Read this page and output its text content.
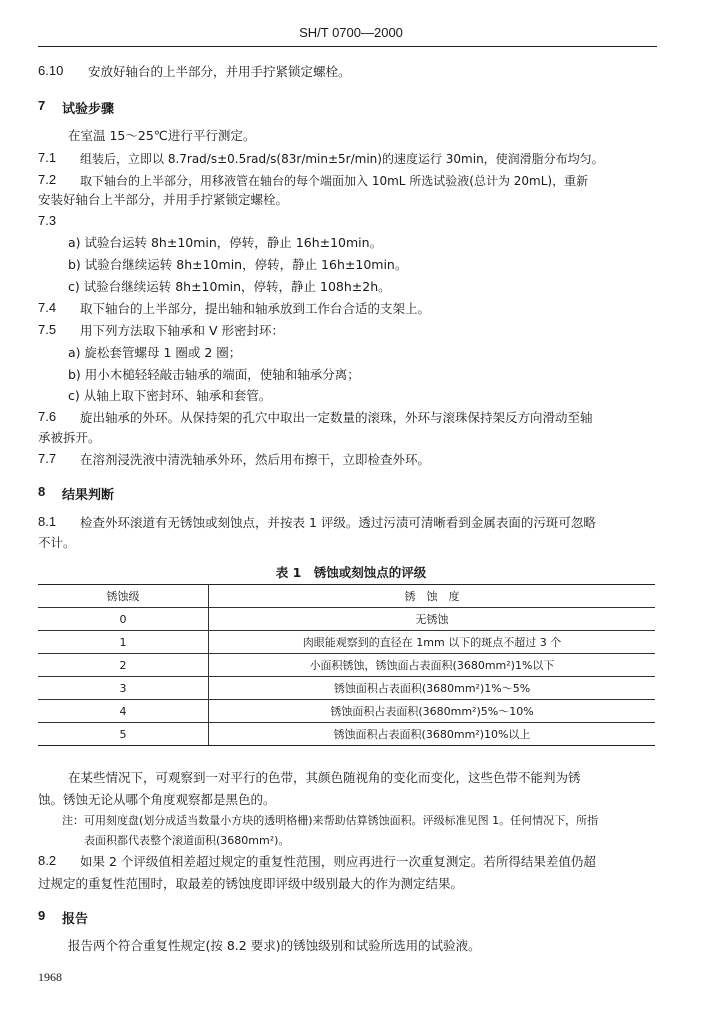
SH/T 0700—2000
6.10 安放好轴台的上半部分，并用手拧紧锁定螺栓。
7 试验步骤
在室温 15～25℃进行平行测定。
7.1 组装后，立即以 8.7rad/s±0.5rad/s(83r/min±5r/min)的速度运行 30min，使润滑脂分布均匀。
7.2 取下轴台的上半部分，用移液管在轴台的每个端面加入 10mL 所选试验液(总计为 20mL)，重新
安装好轴台上半部分，并用手拧紧锁定螺栓。
7.3
a) 试验台运转 8h±10min，停转，静止 16h±10min。
b) 试验台继续运转 8h±10min，停转，静止 16h±10min。
c) 试验台继续运转 8h±10min，停转，静止 108h±2h。
7.4 取下轴台的上半部分，提出轴和轴承放到工作台合适的支架上。
7.5 用下列方法取下轴承和 V 形密封环：
a) 旋松套管螺母 1 圈或 2 圈；
b) 用小木槌轻轻敲击轴承的端面，使轴和轴承分离；
c) 从轴上取下密封环、轴承和套管。
7.6 旋出轴承的外环。从保持架的孔穴中取出一定数量的滚珠，外环与滚珠保持架反方向滑动至轴
承被拆开。
7.7 在溶剂浸洗液中清洗轴承外环，然后用布擦干，立即检查外环。
8 结果判断
8.1 检查外环滚道有无锈蚀或刻蚀点，并按表 1 评级。透过污渍可清晰看到金属表面的污斑可忽略
不计。
表 1　锈蚀或刻蚀点的评级
锈蚀级	锈　蚀　度
0	无锈蚀
1	肉眼能观察到的直径在 1mm 以下的斑点不超过 3 个
2	小面积锈蚀，锈蚀面占表面积(3680mm²)1%以下
3	锈蚀面积占表面积(3680mm²)1%～5%
4	锈蚀面积占表面积(3680mm²)5%～10%
5	锈蚀面积占表面积(3680mm²)10%以上
在某些情况下，可观察到一对平行的色带，其颜色随视角的变化而变化，这些色带不能判为锈
蚀。锈蚀无论从哪个角度观察都是黑色的。
注：可用刻度盘(划分成适当数量小方块的透明格栅)来帮助估算锈蚀面积。评级标准见图 1。任何情况下，所指
表面积都代表整个滚道面积(3680mm²)。
8.2 如果 2 个评级值相差超过规定的重复性范围，则应再进行一次重复测定。若所得结果差值仍超
过规定的重复性范围时，取最差的锈蚀度即评级中级别最大的作为测定结果。
9 报告
报告两个符合重复性规定(按 8.2 要求)的锈蚀级别和试验所选用的试验液。
1968
